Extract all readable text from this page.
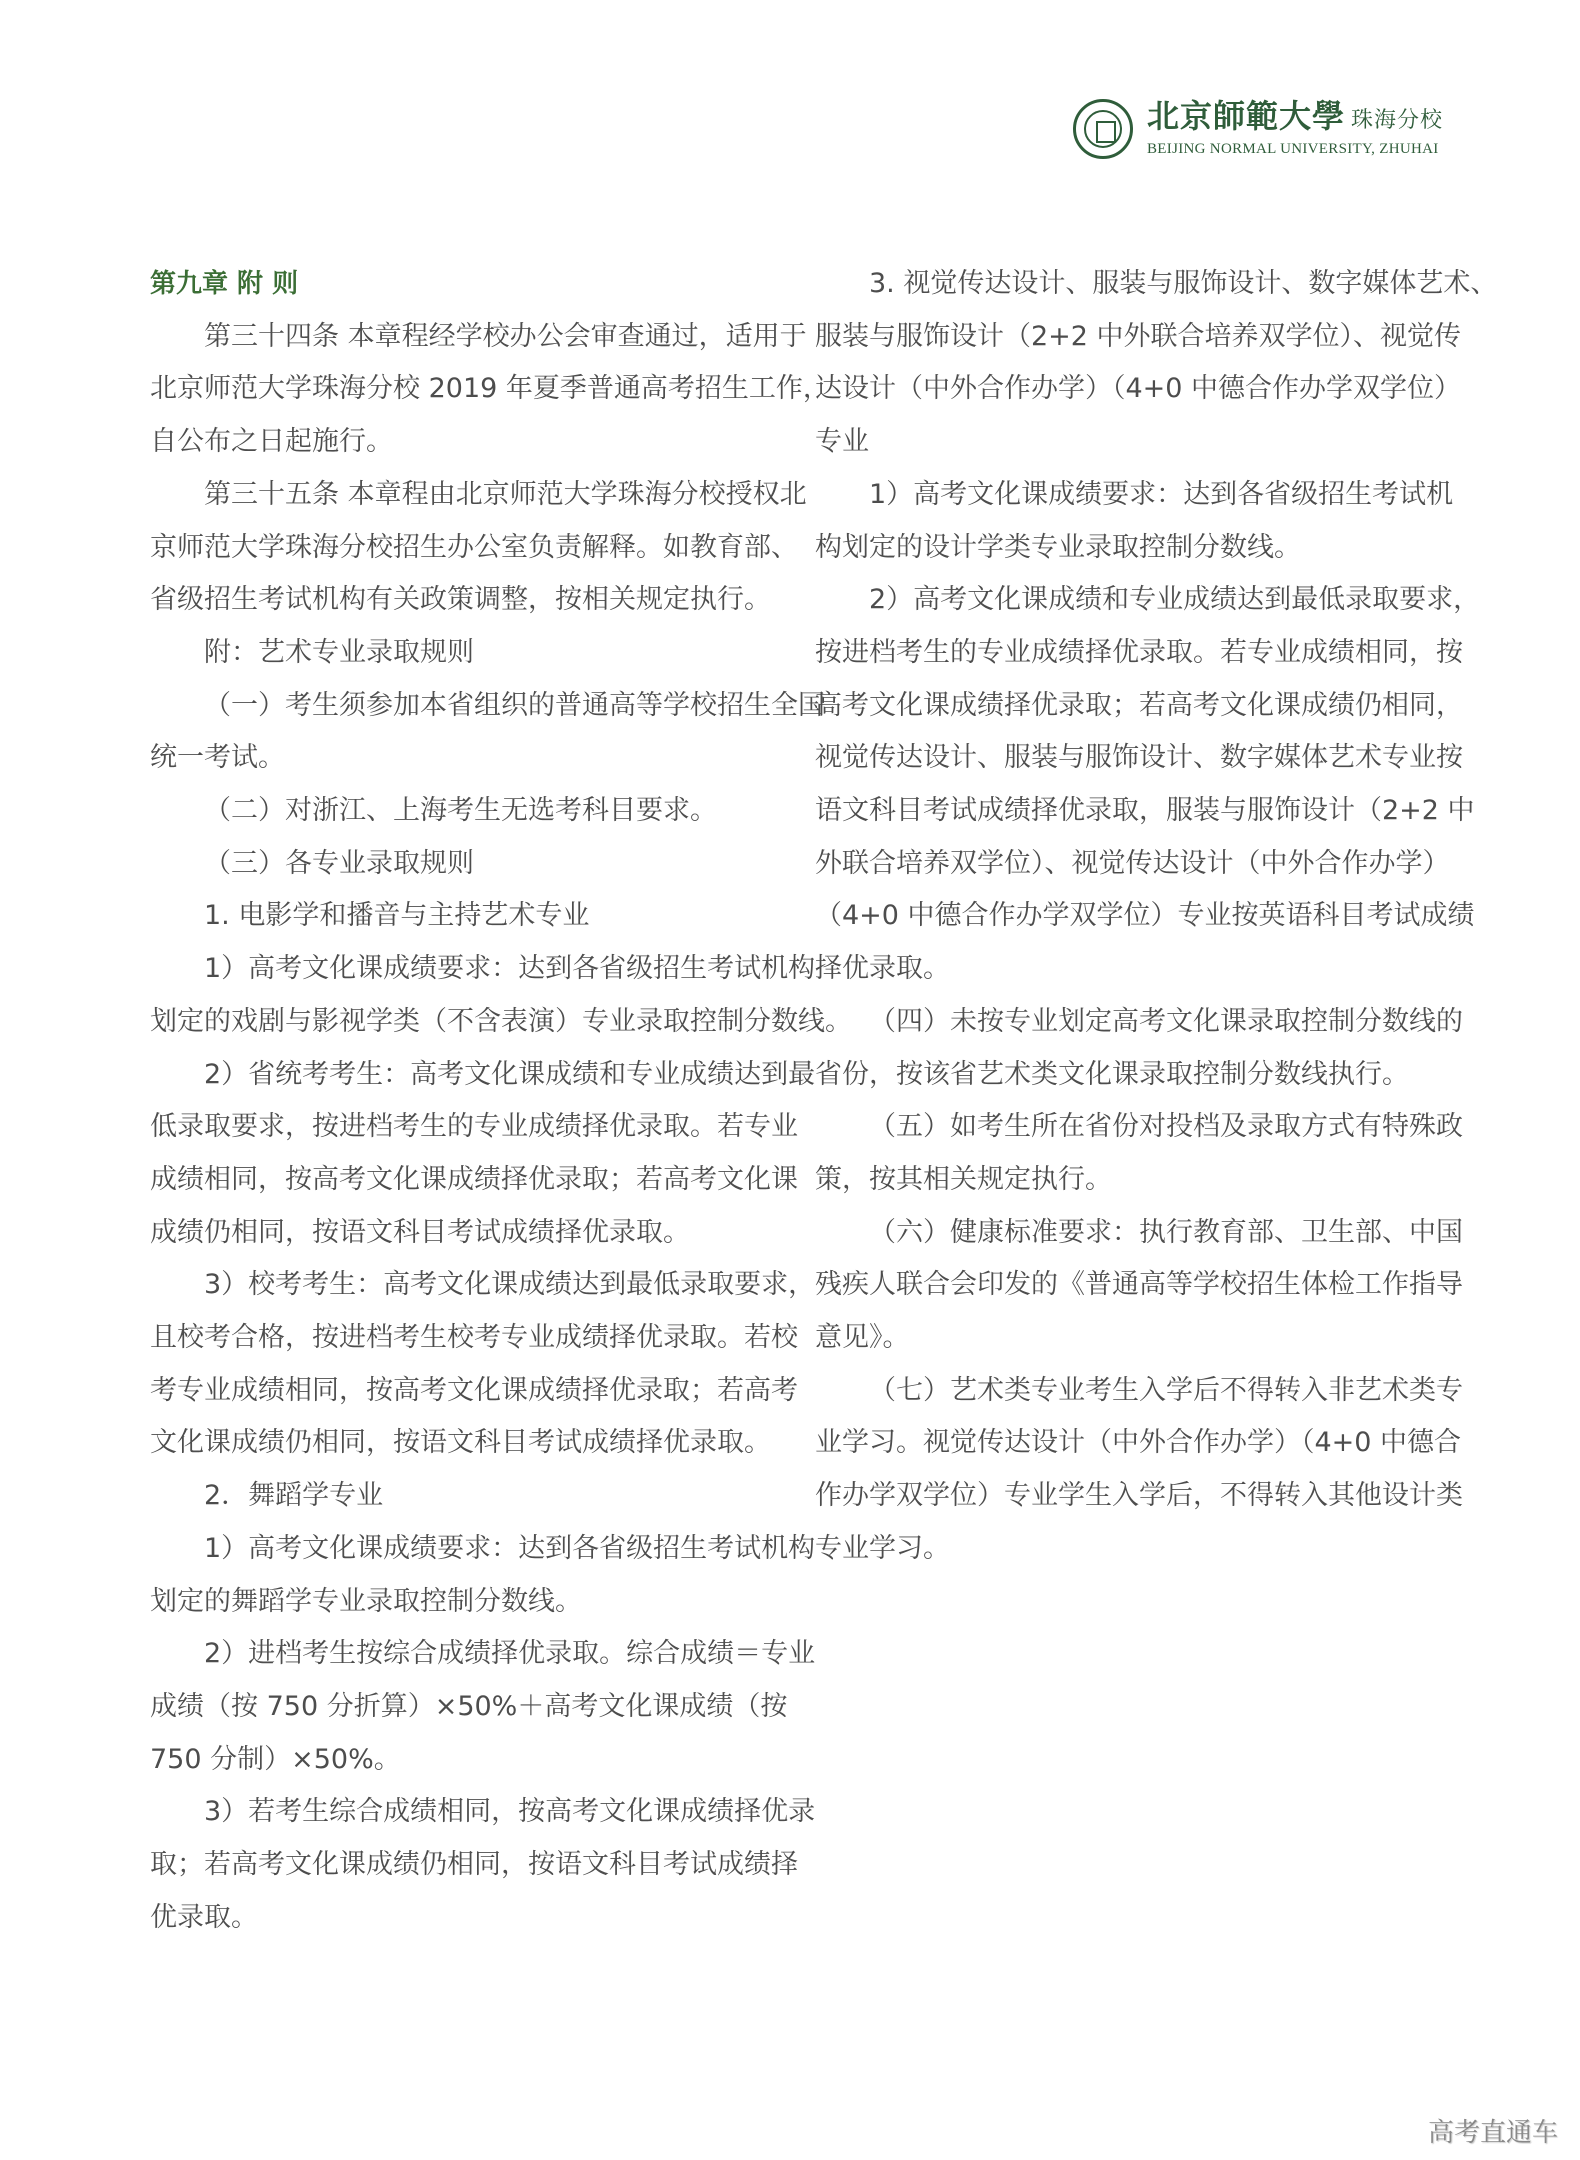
北京師範大學 珠海分校
BEIJING NORMAL UNIVERSITY, ZHUHAI
第九章 附 则
第三十四条 本章程经学校办公会审查通过，适用于
北京师范大学珠海分校 2019 年夏季普通高考招生工作，
自公布之日起施行。
第三十五条 本章程由北京师范大学珠海分校授权北
京师范大学珠海分校招生办公室负责解释。如教育部、
省级招生考试机构有关政策调整，按相关规定执行。
附：艺术专业录取规则
（一）考生须参加本省组织的普通高等学校招生全国
统一考试。
（二）对浙江、上海考生无选考科目要求。
（三）各专业录取规则
1. 电影学和播音与主持艺术专业
1）高考文化课成绩要求：达到各省级招生考试机构
划定的戏剧与影视学类（不含表演）专业录取控制分数线。
2）省统考考生：高考文化课成绩和专业成绩达到最
低录取要求，按进档考生的专业成绩择优录取。若专业
成绩相同，按高考文化课成绩择优录取；若高考文化课
成绩仍相同，按语文科目考试成绩择优录取。
3）校考考生：高考文化课成绩达到最低录取要求，
且校考合格，按进档考生校考专业成绩择优录取。若校
考专业成绩相同，按高考文化课成绩择优录取；若高考
文化课成绩仍相同，按语文科目考试成绩择优录取。
2．舞蹈学专业
1）高考文化课成绩要求：达到各省级招生考试机构
划定的舞蹈学专业录取控制分数线。
2）进档考生按综合成绩择优录取。综合成绩＝专业
成绩（按 750 分折算）×50%＋高考文化课成绩（按
750 分制）×50%。
3）若考生综合成绩相同，按高考文化课成绩择优录
取；若高考文化课成绩仍相同，按语文科目考试成绩择
优录取。
3. 视觉传达设计、服装与服饰设计、数字媒体艺术、
服装与服饰设计（2+2 中外联合培养双学位）、视觉传
达设计（中外合作办学）（4+0 中德合作办学双学位）
专业
1）高考文化课成绩要求：达到各省级招生考试机
构划定的设计学类专业录取控制分数线。
2）高考文化课成绩和专业成绩达到最低录取要求，
按进档考生的专业成绩择优录取。若专业成绩相同，按
高考文化课成绩择优录取；若高考文化课成绩仍相同，
视觉传达设计、服装与服饰设计、数字媒体艺术专业按
语文科目考试成绩择优录取，服装与服饰设计（2+2 中
外联合培养双学位）、视觉传达设计（中外合作办学）
（4+0 中德合作办学双学位）专业按英语科目考试成绩
择优录取。
（四）未按专业划定高考文化课录取控制分数线的
省份，按该省艺术类文化课录取控制分数线执行。
（五）如考生所在省份对投档及录取方式有特殊政
策，按其相关规定执行。
（六）健康标准要求：执行教育部、卫生部、中国
残疾人联合会印发的《普通高等学校招生体检工作指导
意见》。
（七）艺术类专业考生入学后不得转入非艺术类专
业学习。视觉传达设计（中外合作办学）（4+0 中德合
作办学双学位）专业学生入学后，不得转入其他设计类
专业学习。
高考直通车
